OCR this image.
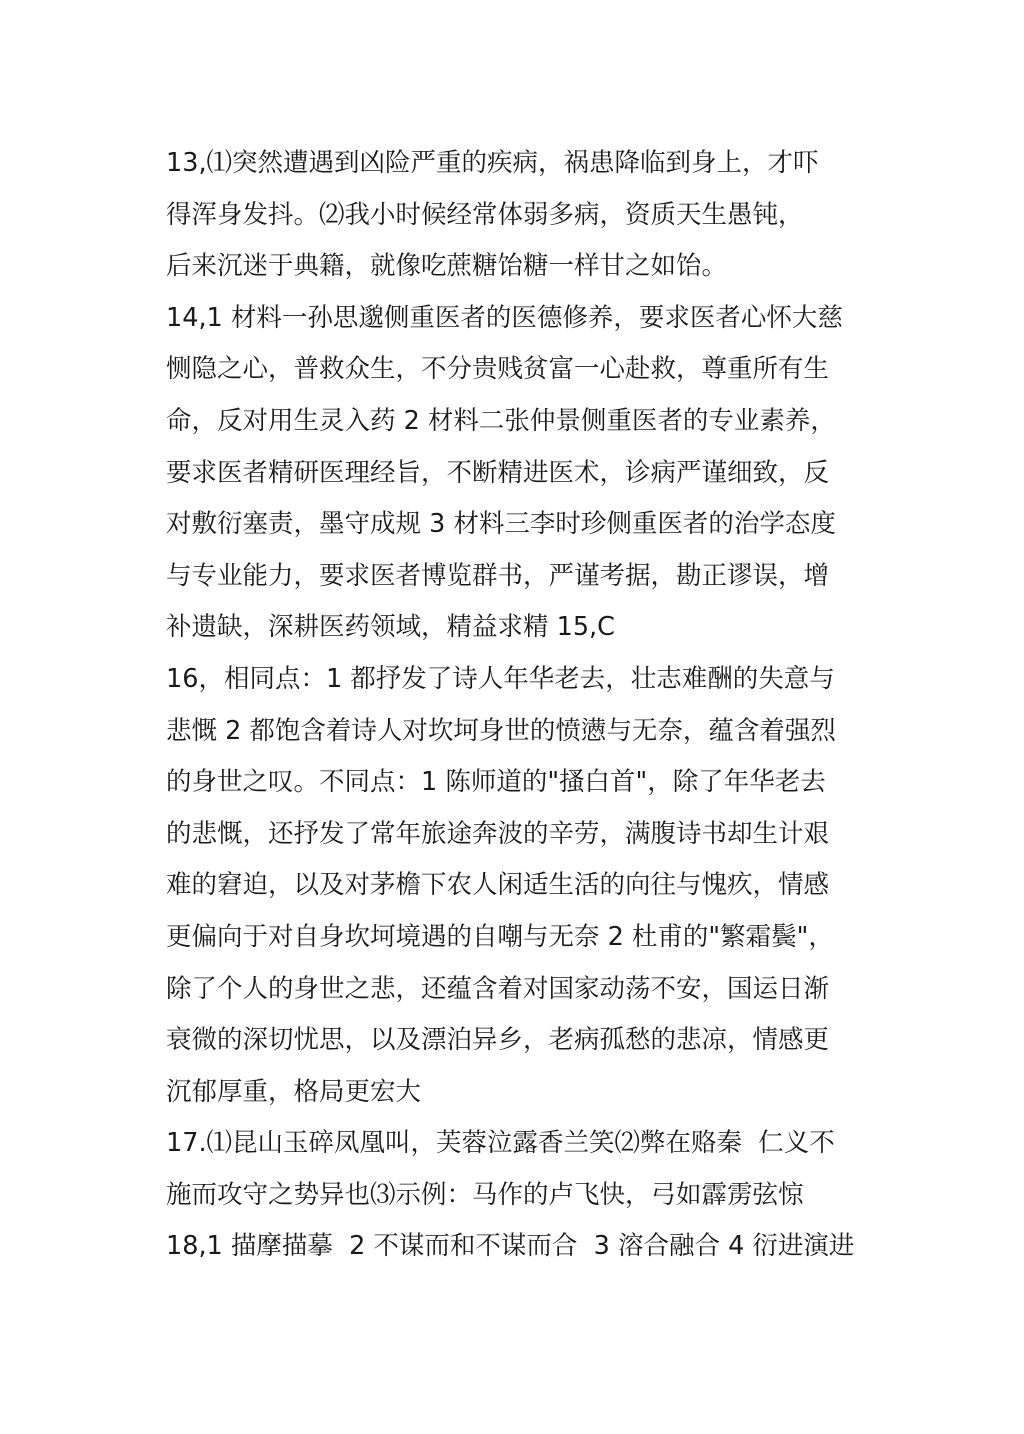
13,⑴突然遭遇到凶险严重的疾病，祸患降临到身上，才吓
得浑身发抖。⑵我小时候经常体弱多病，资质天生愚钝，
后来沉迷于典籍，就像吃蔗糖饴糖一样甘之如饴。
14,1 材料一孙思邈侧重医者的医德修养，要求医者心怀大慈
恻隐之心，普救众生，不分贵贱贫富一心赴救，尊重所有生
命，反对用生灵入药 2 材料二张仲景侧重医者的专业素养，
要求医者精研医理经旨，不断精进医术，诊病严谨细致，反
对敷衍塞责，墨守成规 3 材料三李时珍侧重医者的治学态度
与专业能力，要求医者博览群书，严谨考据，勘正谬误，增
补遗缺，深耕医药领域，精益求精 15,C
16，相同点：1 都抒发了诗人年华老去，壮志难酬的失意与
悲慨 2 都饱含着诗人对坎坷身世的愤懑与无奈，蕴含着强烈
的身世之叹。不同点：1 陈师道的"搔白首"，除了年华老去
的悲慨，还抒发了常年旅途奔波的辛劳，满腹诗书却生计艰
难的窘迫，以及对茅檐下农人闲适生活的向往与愧疚，情感
更偏向于对自身坎坷境遇的自嘲与无奈 2 杜甫的"繁霜鬓"，
除了个人的身世之悲，还蕴含着对国家动荡不安，国运日渐
衰微的深切忧思，以及漂泊异乡，老病孤愁的悲凉，情感更
沉郁厚重，格局更宏大
17.⑴昆山玉碎凤凰叫，芙蓉泣露香兰笑⑵弊在赂秦  仁义不
施而攻守之势异也⑶示例：马作的卢飞快，弓如霹雳弦惊
18,1 描摩描摹  2 不谋而和不谋而合  3 溶合融合 4 衍进演进
